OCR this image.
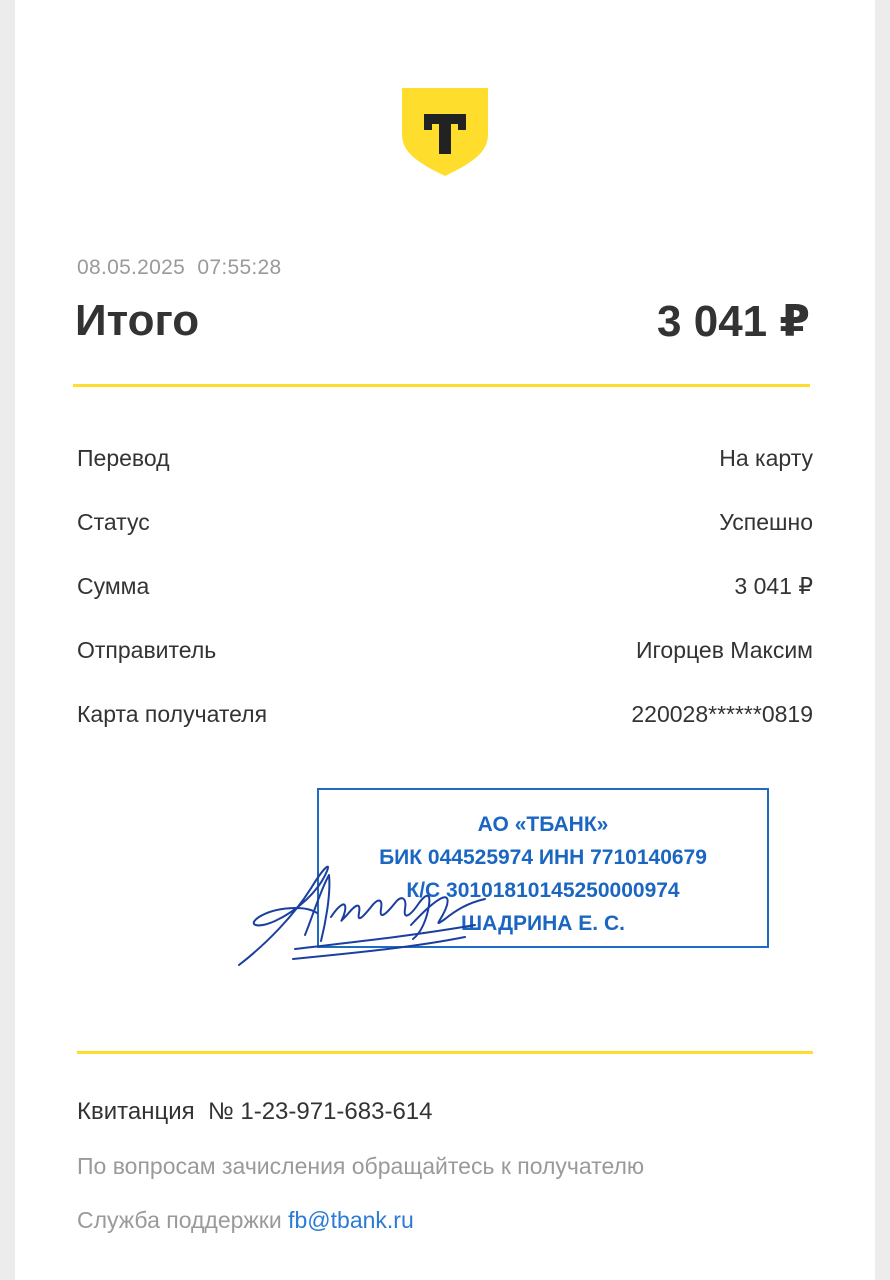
08.05.2025  07:55:28
Итого	3 041 ₽
Перевод	На карту
Статус	Успешно
Сумма	3 041 ₽
Отправитель	Игорцев Максим
Карта получателя	220028******0819
АО «ТБАНК»
БИК 044525974 ИНН 7710140679
К/С 30101810145250000974
ШАДРИНА Е. С.
Квитанция  № 1-23-971-683-614
По вопросам зачисления обращайтесь к получателю
Служба поддержки fb@tbank.ru
